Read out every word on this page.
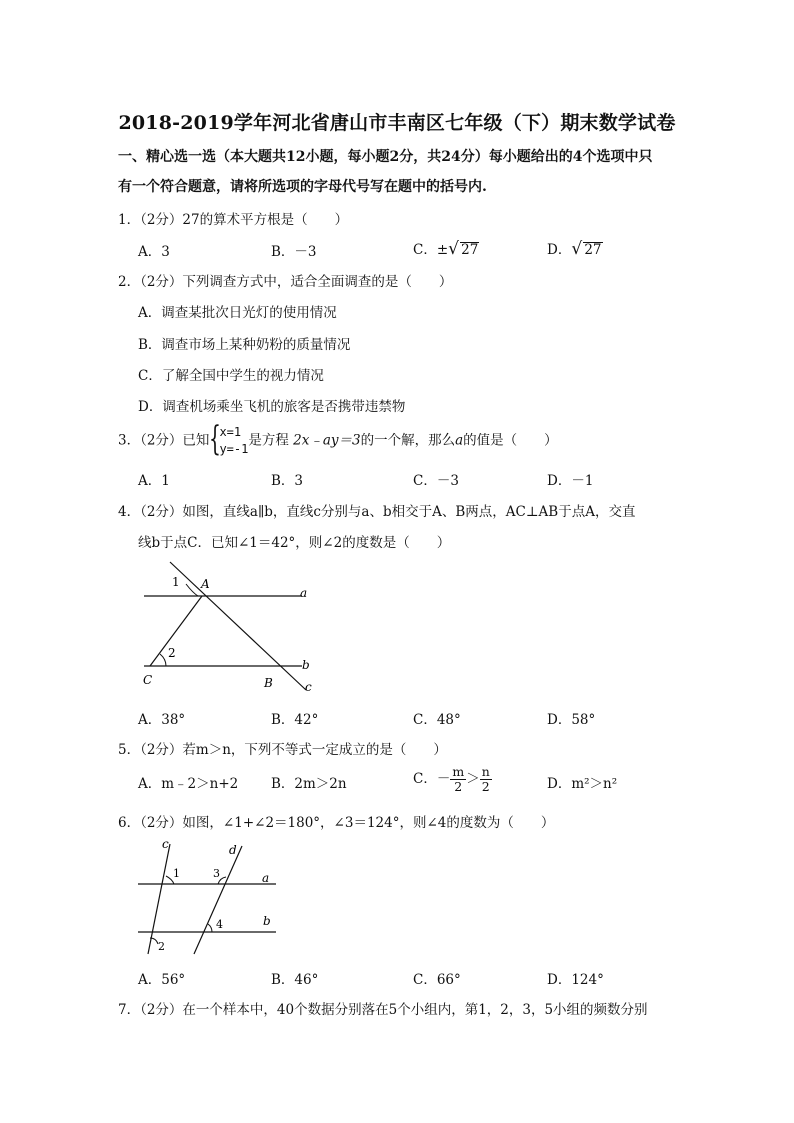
2018-2019学年河北省唐山市丰南区七年级（下）期末数学试卷
一、精心选一选（本大题共12小题，每小题2分，共24分）每小题给出的4个选项中只
有一个符合题意，请将所选项的字母代号写在题中的括号内.
1．（2分）27的算术平方根是（　　）
A．3	B．－3	C．± √ 27	D． √ 27
2．（2分）下列调查方式中，适合全面调查的是（　　）
A．调查某批次日光灯的使用情况
B．调查市场上某种奶粉的质量情况
C．了解全国中学生的视力情况
D．调查机场乘坐飞机的旅客是否携带违禁物
3．（2分）已知 {
x=1
y=-1
是方程 2x﹣ay＝3的一个解，那么a的值是（　　）
A．1	B．3	C．－3	D．－1
4．（2分）如图，直线a∥b，直线c分别与a、b相交于A、B两点，AC⊥AB于点A，交直
线b于点C．已知∠1＝42°，则∠2的度数是（　　）
1 A
a
2
b
C	B	c
A．38°	B．42°	C．48°	D．58°
5．（2分）若m＞n，下列不等式一定成立的是（　　）
A．m﹣2＞n+2 B．2m＞2n	C．－ $\frac{m}{2} > \frac{n}{2}$	D．m²＞n²
6．（2分）如图，∠1+∠2＝180°，∠3＝124°，则∠4的度数为（　　）
c	d
1	3	a
b
4
2
A．56°	B．46°	C．66°	D．124°
7．（2分）在一个样本中，40个数据分别落在5个小组内，第1，2，3，5小组的频数分别
